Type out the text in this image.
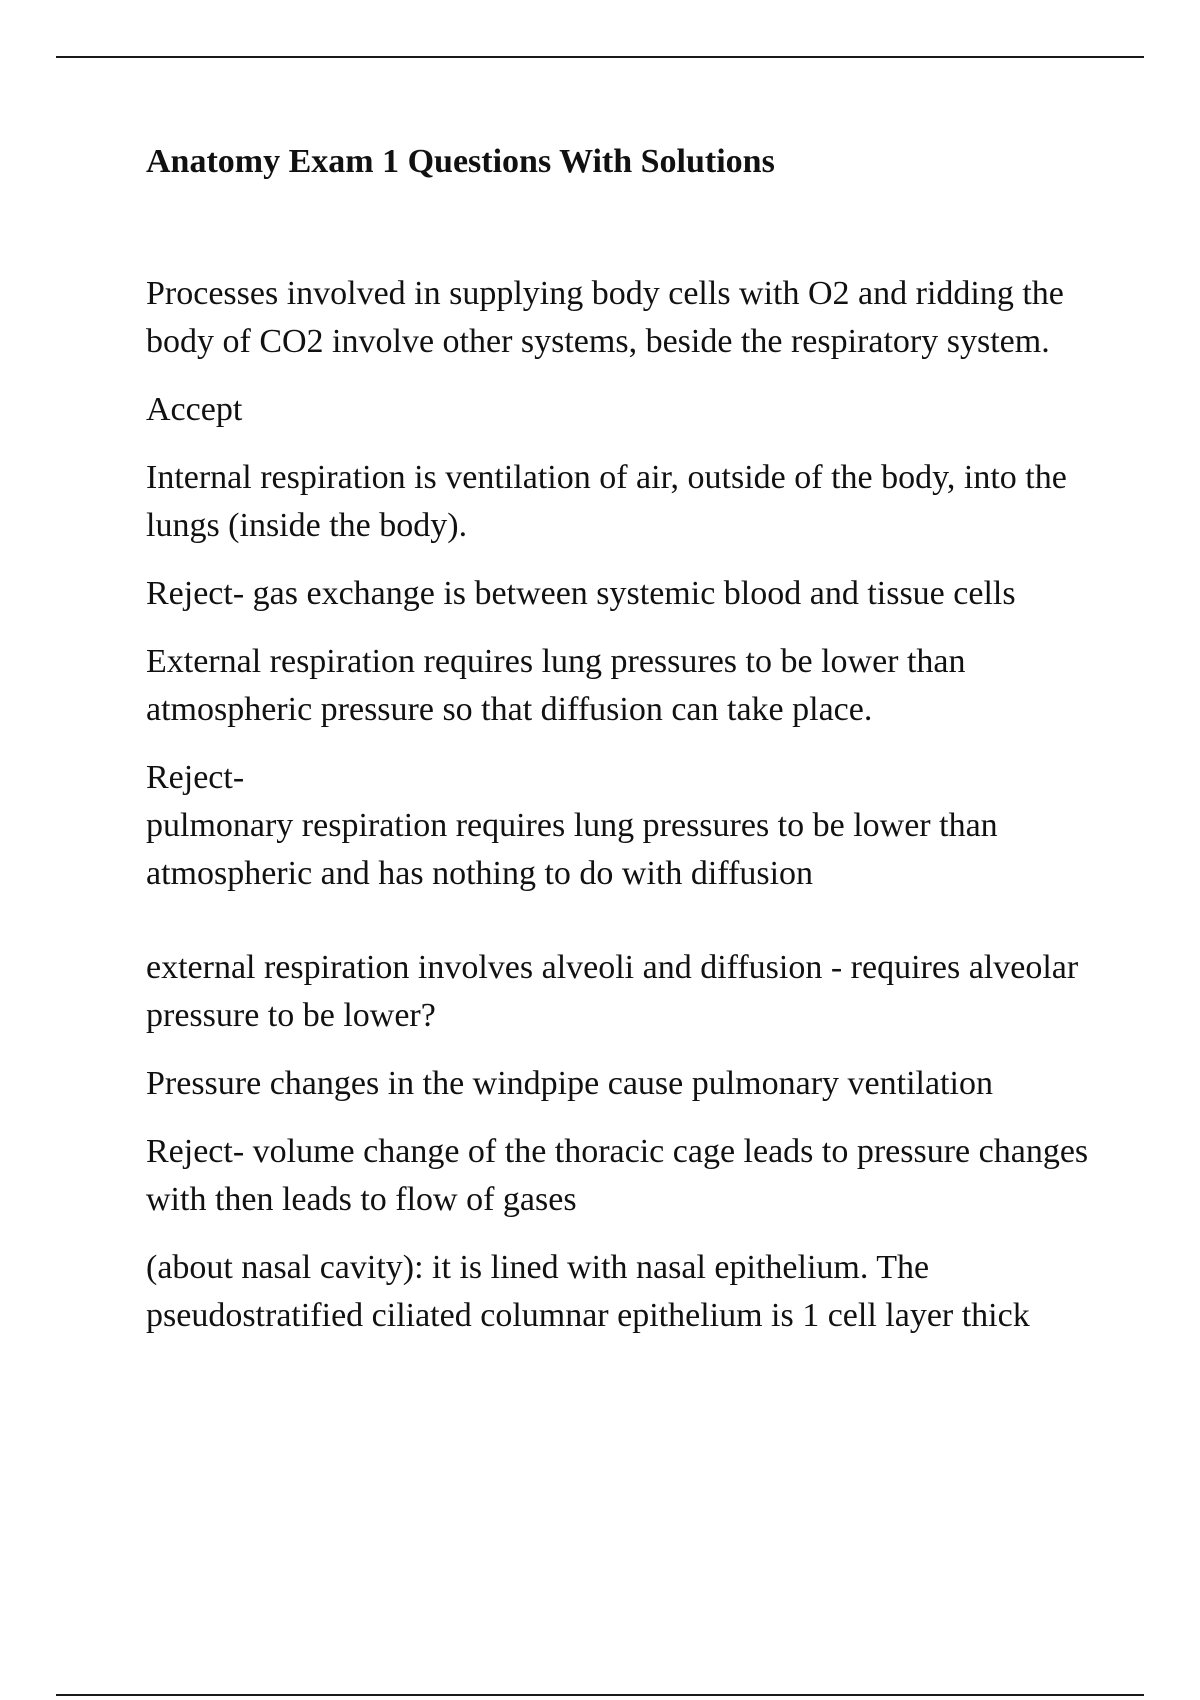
Anatomy Exam 1 Questions With Solutions

Processes involved in supplying body cells with O2 and ridding the body of CO2 involve other systems, beside the respiratory system.

Accept

Internal respiration is ventilation of air, outside of the body, into the lungs (inside the body).

Reject- gas exchange is between systemic blood and tissue cells

External respiration requires lung pressures to be lower than atmospheric pressure so that diffusion can take place.

Reject-

pulmonary respiration requires lung pressures to be lower than atmospheric and has nothing to do with diffusion

external respiration involves alveoli and diffusion - requires alveolar pressure to be lower?

Pressure changes in the windpipe cause pulmonary ventilation

Reject- volume change of the thoracic cage leads to pressure changes with then leads to flow of gases

(about nasal cavity): it is lined with nasal epithelium. The pseudostratified ciliated columnar epithelium is 1 cell layer thick
